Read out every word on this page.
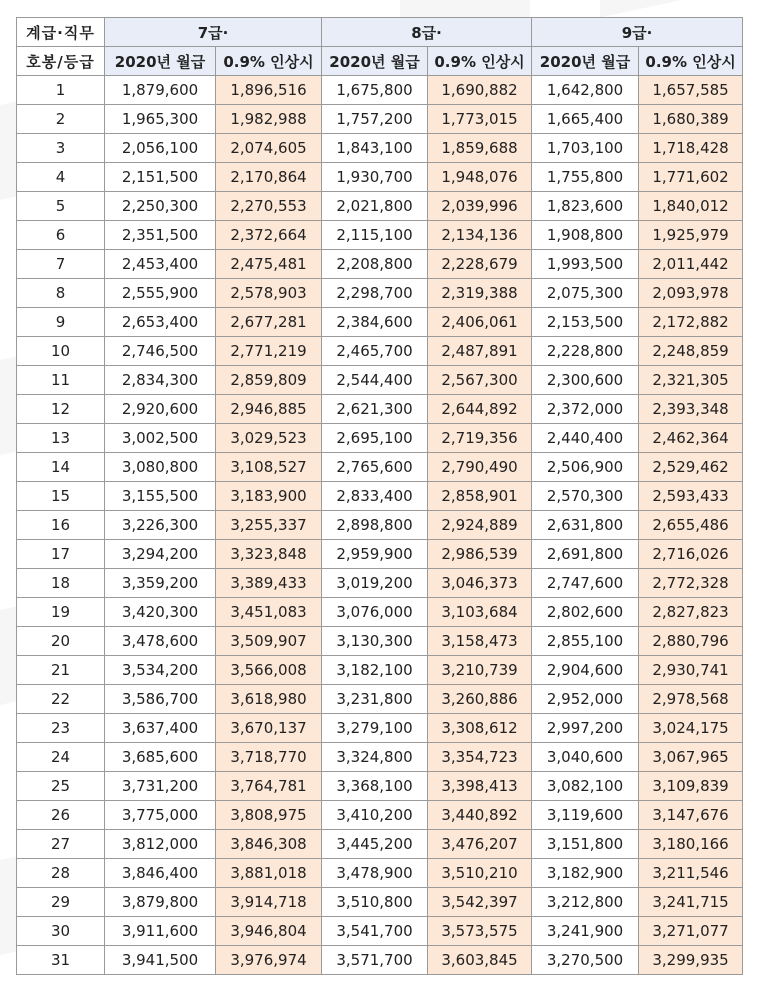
계급·직무	7급·		8급·		9급·	
호봉/등급	2020년 월급	0.9% 인상시	2020년 월급	0.9% 인상시	2020년 월급	0.9% 인상시
1	1,879,600	1,896,516	1,675,800	1,690,882	1,642,800	1,657,585
2	1,965,300	1,982,988	1,757,200	1,773,015	1,665,400	1,680,389
3	2,056,100	2,074,605	1,843,100	1,859,688	1,703,100	1,718,428
4	2,151,500	2,170,864	1,930,700	1,948,076	1,755,800	1,771,602
5	2,250,300	2,270,553	2,021,800	2,039,996	1,823,600	1,840,012
6	2,351,500	2,372,664	2,115,100	2,134,136	1,908,800	1,925,979
7	2,453,400	2,475,481	2,208,800	2,228,679	1,993,500	2,011,442
8	2,555,900	2,578,903	2,298,700	2,319,388	2,075,300	2,093,978
9	2,653,400	2,677,281	2,384,600	2,406,061	2,153,500	2,172,882
10	2,746,500	2,771,219	2,465,700	2,487,891	2,228,800	2,248,859
11	2,834,300	2,859,809	2,544,400	2,567,300	2,300,600	2,321,305
12	2,920,600	2,946,885	2,621,300	2,644,892	2,372,000	2,393,348
13	3,002,500	3,029,523	2,695,100	2,719,356	2,440,400	2,462,364
14	3,080,800	3,108,527	2,765,600	2,790,490	2,506,900	2,529,462
15	3,155,500	3,183,900	2,833,400	2,858,901	2,570,300	2,593,433
16	3,226,300	3,255,337	2,898,800	2,924,889	2,631,800	2,655,486
17	3,294,200	3,323,848	2,959,900	2,986,539	2,691,800	2,716,026
18	3,359,200	3,389,433	3,019,200	3,046,373	2,747,600	2,772,328
19	3,420,300	3,451,083	3,076,000	3,103,684	2,802,600	2,827,823
20	3,478,600	3,509,907	3,130,300	3,158,473	2,855,100	2,880,796
21	3,534,200	3,566,008	3,182,100	3,210,739	2,904,600	2,930,741
22	3,586,700	3,618,980	3,231,800	3,260,886	2,952,000	2,978,568
23	3,637,400	3,670,137	3,279,100	3,308,612	2,997,200	3,024,175
24	3,685,600	3,718,770	3,324,800	3,354,723	3,040,600	3,067,965
25	3,731,200	3,764,781	3,368,100	3,398,413	3,082,100	3,109,839
26	3,775,000	3,808,975	3,410,200	3,440,892	3,119,600	3,147,676
27	3,812,000	3,846,308	3,445,200	3,476,207	3,151,800	3,180,166
28	3,846,400	3,881,018	3,478,900	3,510,210	3,182,900	3,211,546
29	3,879,800	3,914,718	3,510,800	3,542,397	3,212,800	3,241,715
30	3,911,600	3,946,804	3,541,700	3,573,575	3,241,900	3,271,077
31	3,941,500	3,976,974	3,571,700	3,603,845	3,270,500	3,299,935
